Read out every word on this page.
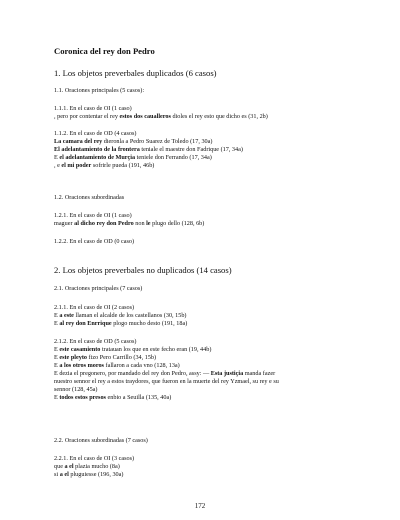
Coronica del rey don Pedro
1. Los objetos preverbales duplicados (6 casos)
1.1. Oraciones principales (5 casos):
1.1.1. En el caso de OI (1 caso)
, pero por contentar el rey estos dos caualleros dioles el rey esto que dicho es (31, 2b)
1.1.2. En el caso de OD (4 casos)
La camara del rey dieronla a Pedro Suarez de Toledo (17, 30a)
El adelantamiento de la frontera teniale el maestre don Fadrique (17, 34a)
E el adelantamiento de Murçia teniele don Ferrando (17, 34a)
, e el mi poder sofrirle pueda (191, 46b)
1.2. Oraciones subordinadas
1.2.1. En el caso de OI (1 caso)
maguer al dicho rey don Pedro non le plugo dello (128, 6b)
1.2.2. En el caso de OD (0 caso)
2. Los objetos preverbales no duplicados (14 casos)
2.1. Oraciones principales (7 casos)
2.1.1. En el caso de OI (2 casos)
E a este llaman el alcalde de los castellanos (30, 15b)
E al rey don Enrrique plogo mucho desto (191, 18a)
2.1.2. En el caso de OD (5 casos)
E este casamiento tratauan los que en este fecho eran (19, 44b)
E este pleyto fizo Pero Carrillo (34, 15b)
E a los otros moros fallaron a cada vno (128, 13a)
E dezia el pregonero, por mandado del rey don Pedro, assy: — Esta justiçia manda fazer
nuestro sennor el rey a estos traydores, que fueron en la muerte del rey Yzmael, su rey e su
sennor (128, 45a)
E todos estos presos enbio a Seuilla (135, 40a)
2.2. Oraciones subordinadas (7 casos)
2.2.1. En el caso de OI (3 casos)
que a el plazia mucho (8a)
si a el pluguiesse (196, 30a)
172
